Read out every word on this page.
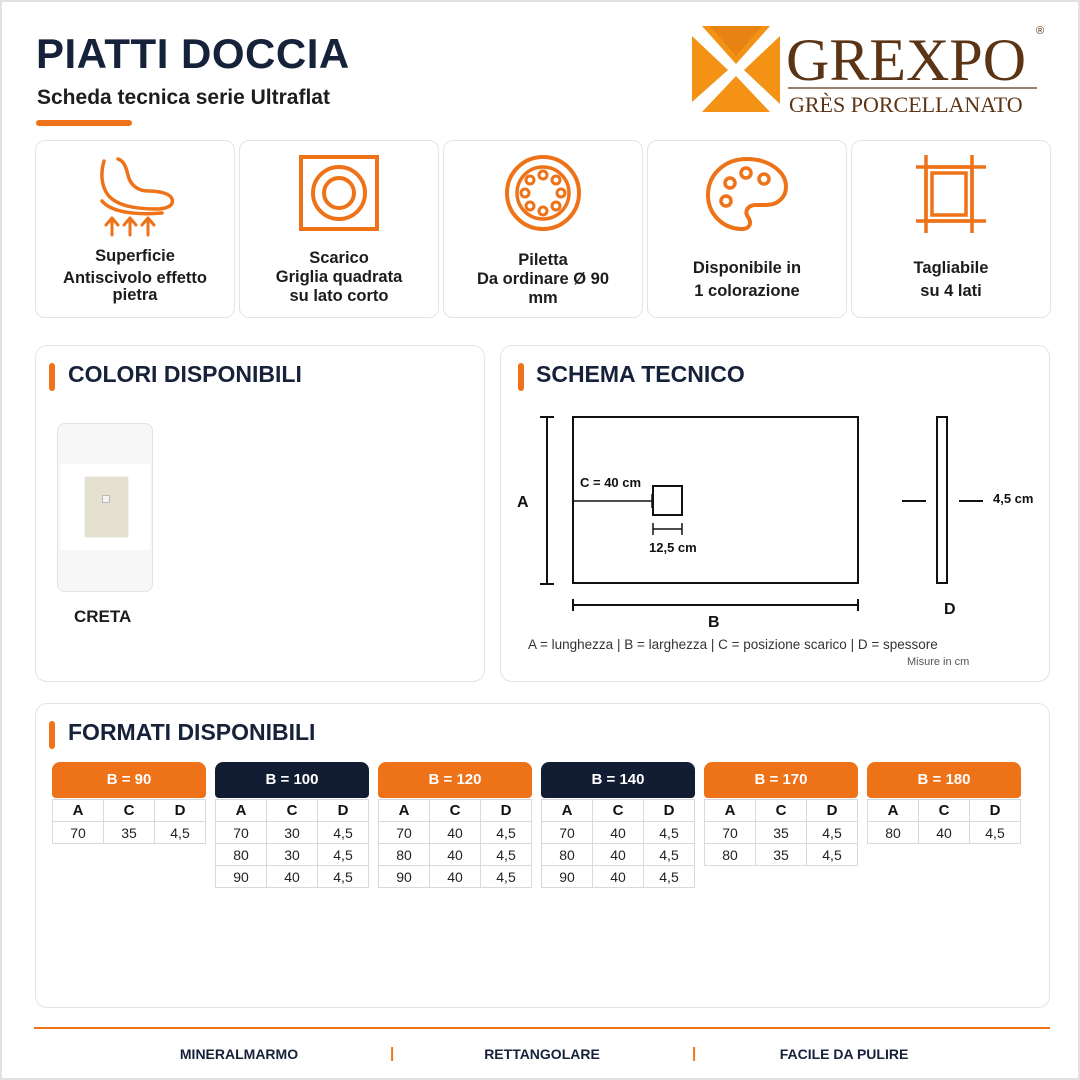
PIATTI DOCCIA
Scheda tecnica serie Ultraflat
GREXPO ®
GRÈS PORCELLANATO
Superficie
Antiscivolo effetto
pietra
Scarico
Griglia quadrata
su lato corto
Piletta
Da ordinare Ø 90
mm
Disponibile in
1 colorazione
Tagliabile
su 4 lati
COLORI DISPONIBILI
CRETA
SCHEMA TECNICO
A
B
C = 40 cm
12,5 cm
D
4,5 cm
A = lunghezza | B = larghezza | C = posizione scarico | D = spessore
Misure in cm
FORMATI DISPONIBILI
B = 90
A	C	D
70	35	4,5
B = 100
A	C	D
70	30	4,5
80	30	4,5
90	40	4,5
B = 120
A	C	D
70	40	4,5
80	40	4,5
90	40	4,5
B = 140
A	C	D
70	40	4,5
80	40	4,5
90	40	4,5
B = 170
A	C	D
70	35	4,5
80	35	4,5
B = 180
A	C	D
80	40	4,5
MINERALMARMO	|	RETTANGOLARE	|	FACILE DA PULIRE
